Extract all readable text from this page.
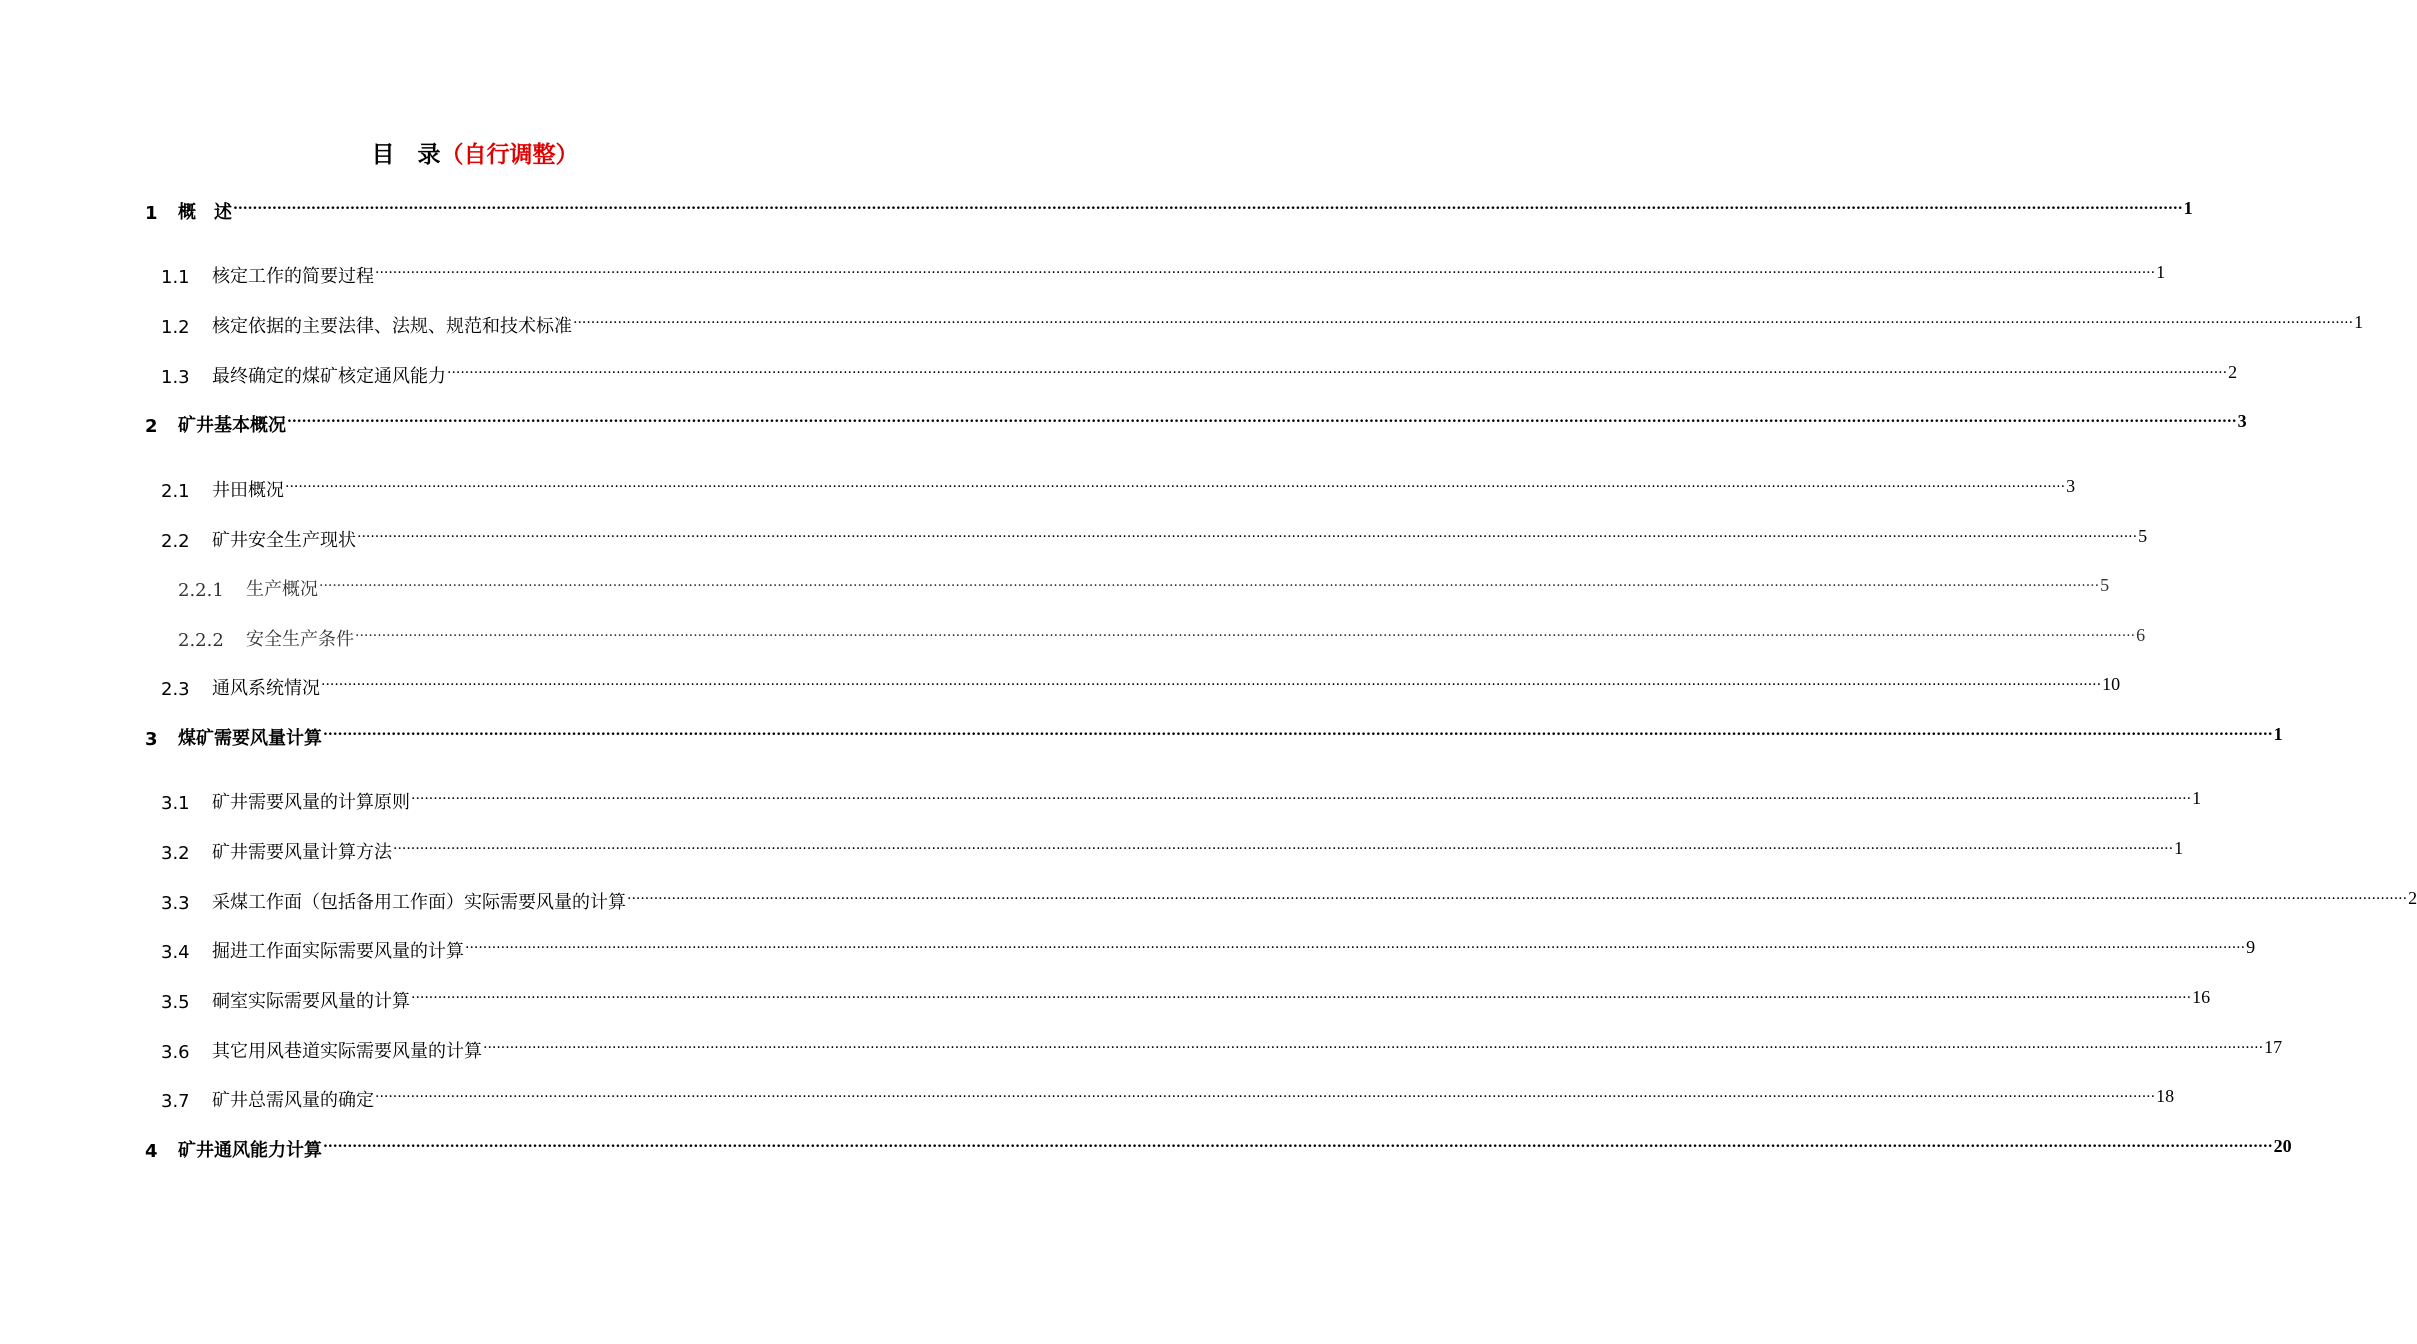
目　录（自行调整）
1 概　述 ................................................................................................................................................................................................................................................................................................................................................................................................................ 1
1.1 核定工作的简要过程 ................................................................................................................................................................................................................................................................................................................................................................................................................ 1
1.2 核定依据的主要法律、法规、规范和技术标准 ................................................................................................................................................................................................................................................................................................................................................................................................................ 1
1.3 最终确定的煤矿核定通风能力 ................................................................................................................................................................................................................................................................................................................................................................................................................ 2
2 矿井基本概况 ................................................................................................................................................................................................................................................................................................................................................................................................................ 3
2.1 井田概况 ................................................................................................................................................................................................................................................................................................................................................................................................................ 3
2.2 矿井安全生产现状 ................................................................................................................................................................................................................................................................................................................................................................................................................ 5
2.2.1 生产概况 ................................................................................................................................................................................................................................................................................................................................................................................................................ 5
2.2.2 安全生产条件 ................................................................................................................................................................................................................................................................................................................................................................................................................ 6
2.3 通风系统情况 ................................................................................................................................................................................................................................................................................................................................................................................................................ 10
3 煤矿需要风量计算 ................................................................................................................................................................................................................................................................................................................................................................................................................ 1
3.1 矿井需要风量的计算原则 ................................................................................................................................................................................................................................................................................................................................................................................................................ 1
3.2 矿井需要风量计算方法 ................................................................................................................................................................................................................................................................................................................................................................................................................ 1
3.3 采煤工作面（包括备用工作面）实际需要风量的计算 ................................................................................................................................................................................................................................................................................................................................................................................................................ 2
3.4 掘进工作面实际需要风量的计算 ................................................................................................................................................................................................................................................................................................................................................................................................................ 9
3.5 硐室实际需要风量的计算 ................................................................................................................................................................................................................................................................................................................................................................................................................ 16
3.6 其它用风巷道实际需要风量的计算 ................................................................................................................................................................................................................................................................................................................................................................................................................ 17
3.7 矿井总需风量的确定 ................................................................................................................................................................................................................................................................................................................................................................................................................ 18
4 矿井通风能力计算 ................................................................................................................................................................................................................................................................................................................................................................................................................ 20
